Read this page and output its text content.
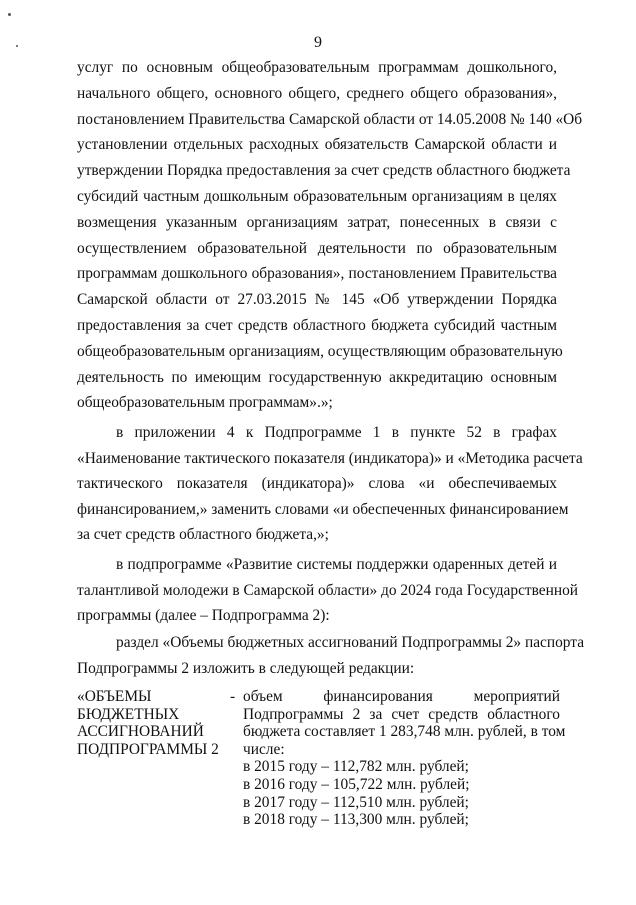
9
услуг по основным общеобразовательным программам дошкольного,
начального общего, основного общего, среднего общего образования»,
постановлением Правительства Самарской области от 14.05.2008 № 140 «Об
установлении отдельных расходных обязательств Самарской области и
утверждении Порядка предоставления за счет средств областного бюджета
субсидий частным дошкольным образовательным организациям в целях
возмещения указанным организациям затрат, понесенных в связи с
осуществлением образовательной деятельности по образовательным
программам дошкольного образования», постановлением Правительства
Самарской области от 27.03.2015 № 145 «Об утверждении Порядка
предоставления за счет средств областного бюджета субсидий частным
общеобразовательным организациям, осуществляющим образовательную
деятельность по имеющим государственную аккредитацию основным
общеобразовательным программам».»;
в приложении 4 к Подпрограмме 1 в пункте 52 в графах
«Наименование тактического показателя (индикатора)» и «Методика расчета
тактического показателя (индикатора)» слова «и обеспечиваемых
финансированием,» заменить словами «и обеспеченных финансированием
за счет средств областного бюджета,»;
в подпрограмме «Развитие системы поддержки одаренных детей и
талантливой молодежи в Самарской области» до 2024 года Государственной
программы (далее – Подпрограмма 2):
раздел «Объемы бюджетных ассигнований Подпрограммы 2» паспорта
Подпрограммы 2 изложить в следующей редакции:
«ОБЪЕМЫ
БЮДЖЕТНЫХ
АССИГНОВАНИЙ
ПОДПРОГРАММЫ 2
- объем финансирования мероприятий
Подпрограммы 2 за счет средств областного
бюджета составляет 1 283,748 млн. рублей, в том
числе:
в 2015 году – 112,782 млн. рублей;
в 2016 году – 105,722 млн. рублей;
в 2017 году – 112,510 млн. рублей;
в 2018 году – 113,300 млн. рублей;
